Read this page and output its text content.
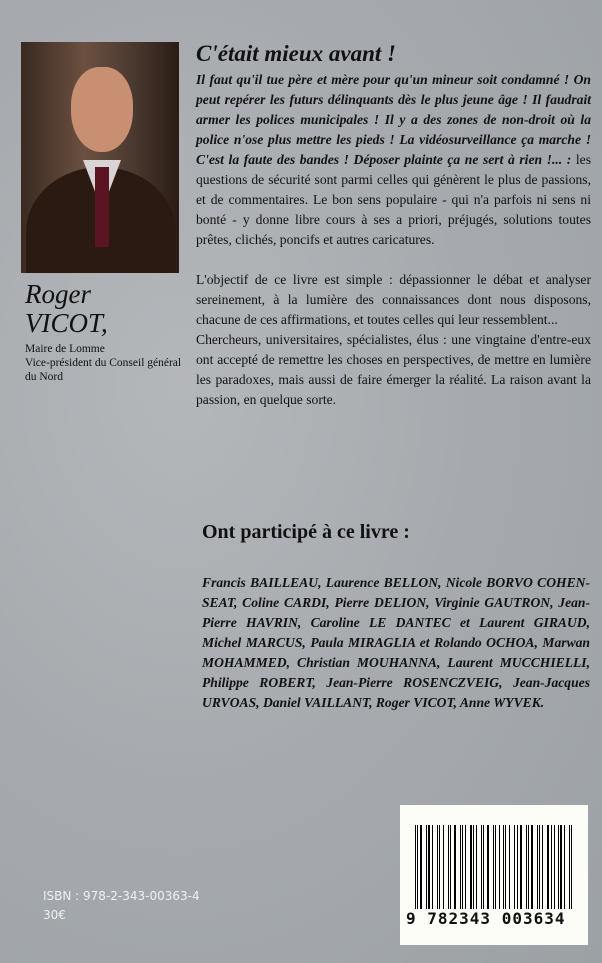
Roger
VICOT,
Maire de Lomme
Vice-président du Conseil général du Nord
C'était mieux avant !

Il faut qu'il tue père et mère pour qu'un mineur soit condamné ! On peut repérer les futurs délinquants dès le plus jeune âge ! Il faudrait armer les polices municipales ! Il y a des zones de non-droit où la police n'ose plus mettre les pieds ! La vidéosurveillance ça marche ! C'est la faute des bandes ! Déposer plainte ça ne sert à rien !... : les questions de sécurité sont parmi celles qui génèrent le plus de passions, et de commentaires. Le bon sens populaire - qui n'a parfois ni sens ni bonté - y donne libre cours à ses a priori, préjugés, solutions toutes prêtes, clichés, poncifs et autres caricatures.

L'objectif de ce livre est simple : dépassionner le débat et analyser sereinement, à la lumière des connaissances dont nous disposons, chacune de ces affirmations, et toutes celles qui leur ressemblent...

Chercheurs, universitaires, spécialistes, élus : une vingtaine d'entre-eux ont accepté de remettre les choses en perspectives, de mettre en lumière les paradoxes, mais aussi de faire émerger la réalité. La raison avant la passion, en quelque sorte.

Ont participé à ce livre :
Francis BAILLEAU, Laurence BELLON, Nicole BORVO COHEN-SEAT, Coline CARDI, Pierre DELION, Virginie GAUTRON, Jean-Pierre HAVRIN, Caroline LE DANTEC et Laurent GIRAUD, Michel MARCUS, Paula MIRAGLIA et Rolando OCHOA, Marwan MOHAMMED, Christian MOUHANNA, Laurent MUCCHIELLI, Philippe ROBERT, Jean-Pierre ROSENCZVEIG, Jean-Jacques URVOAS, Daniel VAILLANT, Roger VICOT, Anne WYVEK.
ISBN : 978-2-343-00363-4
30€	9 782343 003634
